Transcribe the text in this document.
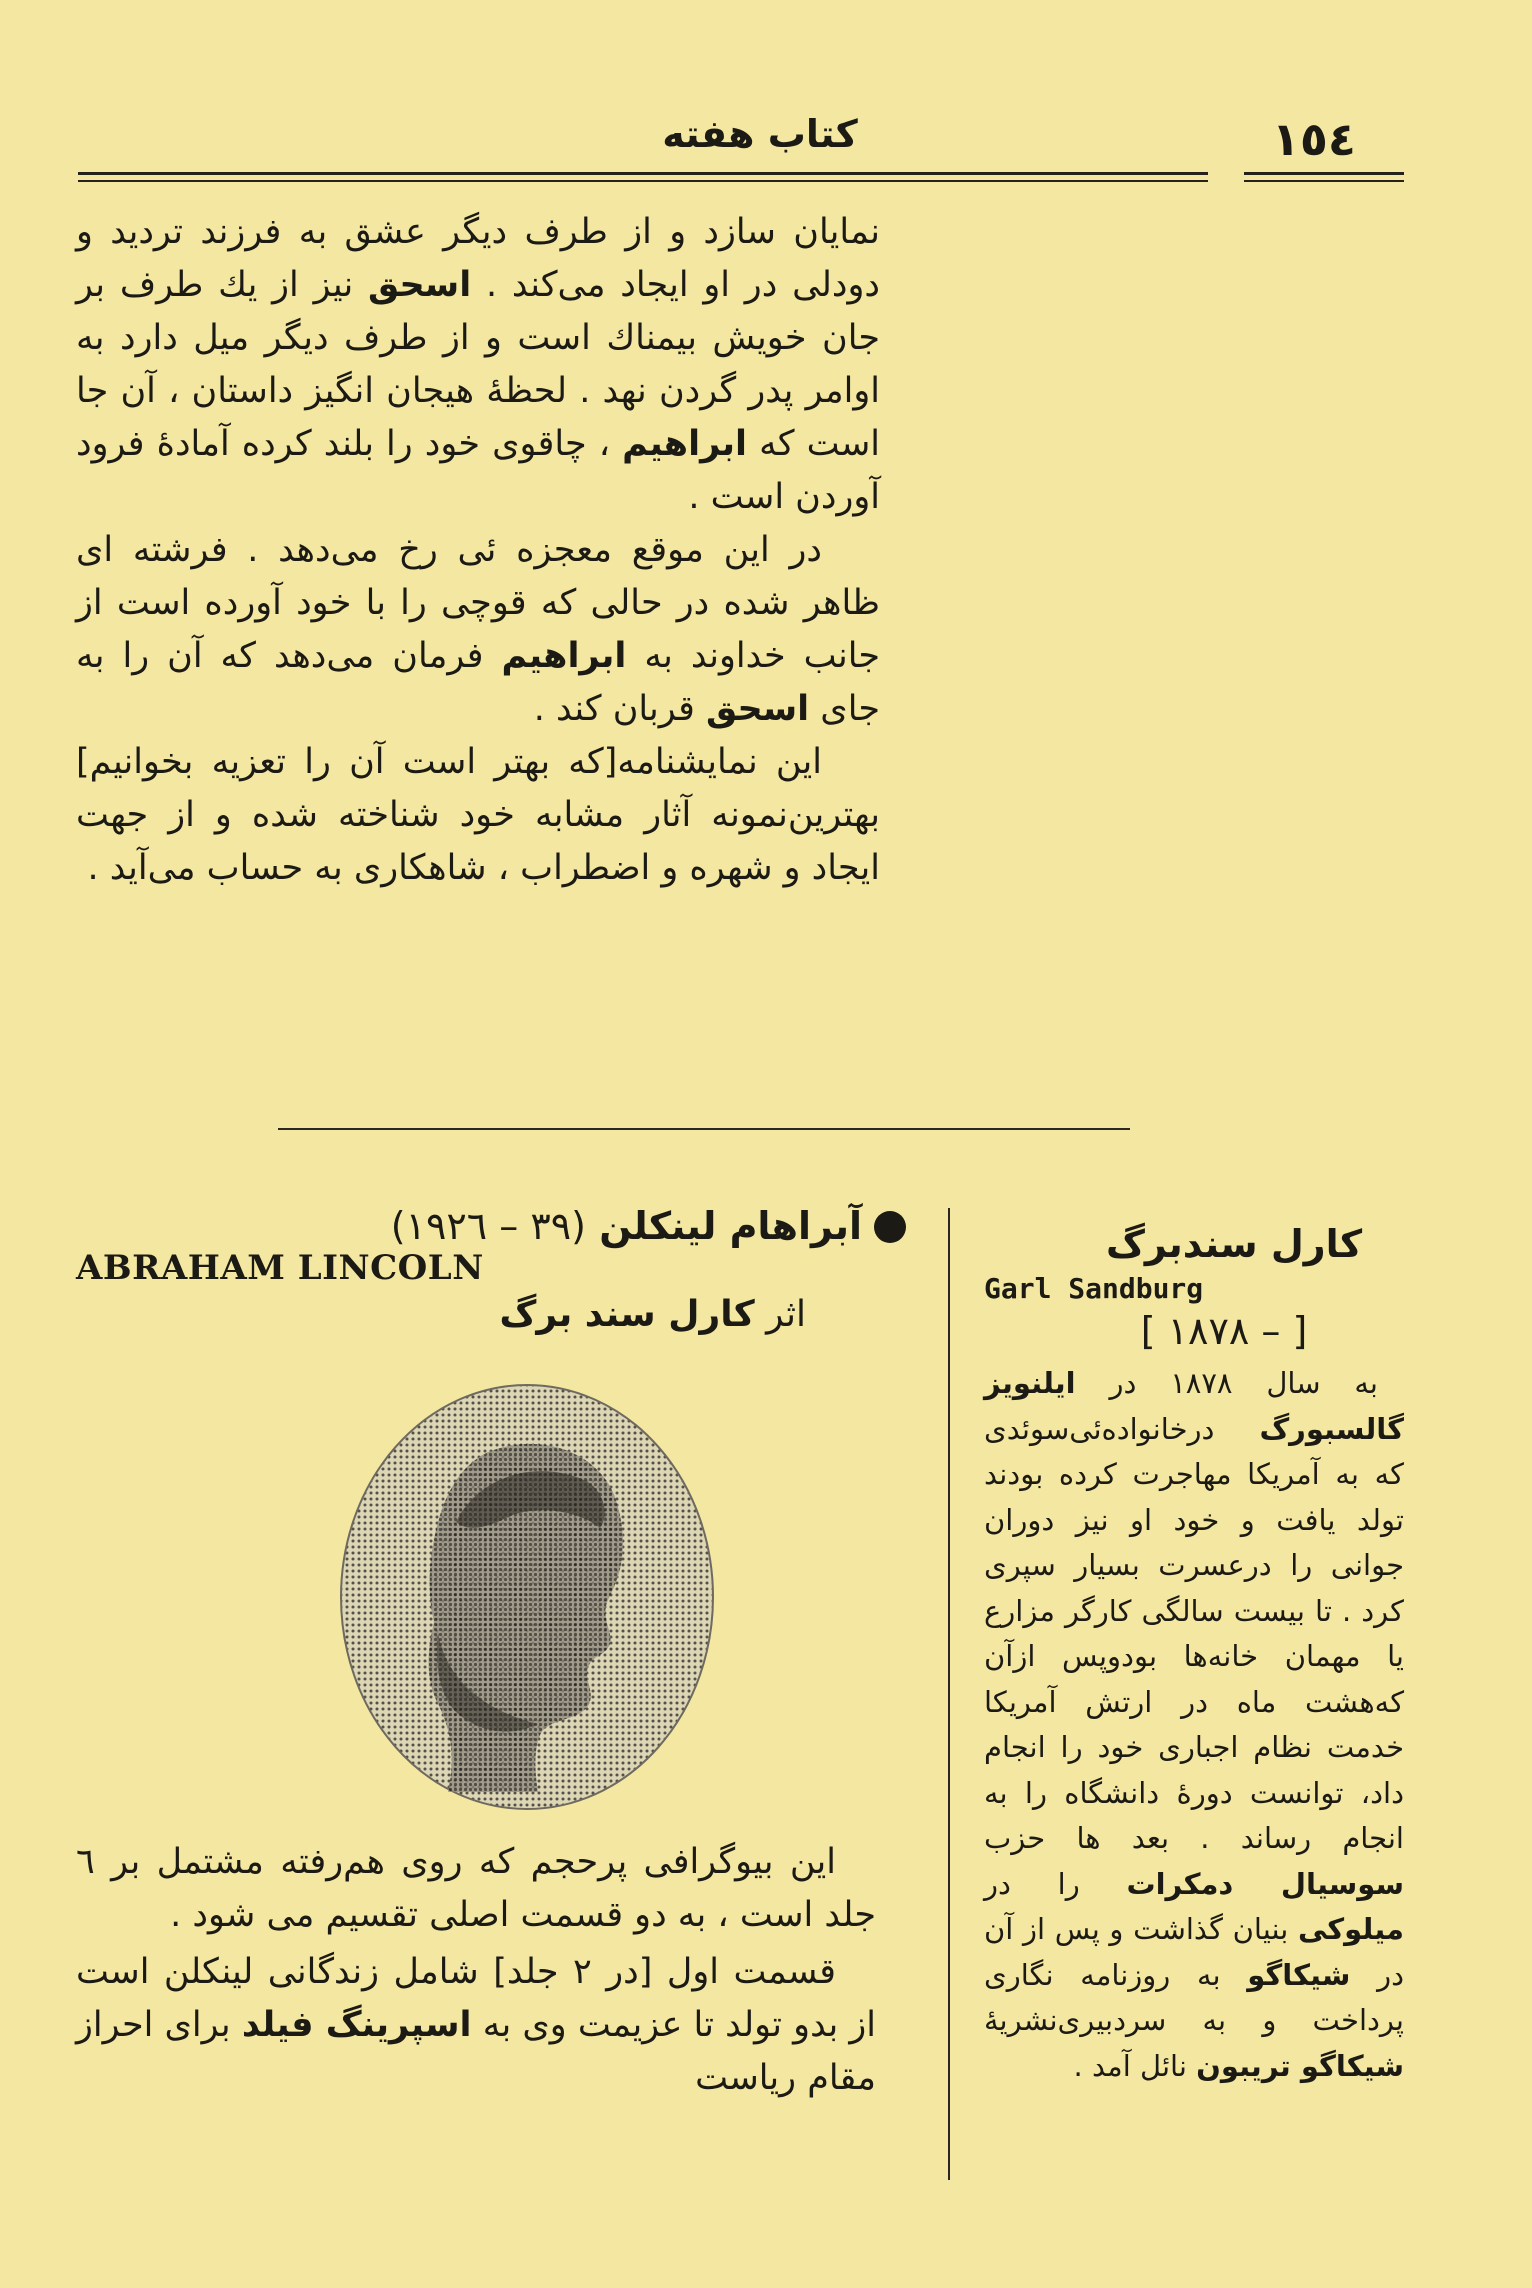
١٥٤
کتاب هفته

نمایان سازد و از طرف دیگر عشق به فرزند تردید و دودلی در او ایجاد می‌کند . اسحق نیز از یك طرف بر جان خویش بیمناك است و از طرف دیگر میل دارد به اوامر پدر گردن نهد . لحظهٔ هیجان انگیز داستان ، آن جا است که ابراهیم ، چاقوی خود را بلند کرده آمادهٔ فرود آوردن است .

در این موقع معجزه ئی رخ می‌دهد . فرشته ای ظاهر شده در حالی که قوچی را با خود آورده است از جانب خداوند به ابراهیم فرمان می‌دهد که آن را به جای اسحق قربان کند .

این نمایشنامه[که بهتر است آن را تعزیه بخوانیم] بهترین‌نمونه آثار مشابه خود شناخته شده و از جهت ایجاد و شهره و اضطراب ، شاهکاری به حساب می‌آید .

آبراهام لینکلن (٣٩ – ١٩٢٦)
ABRAHAM LINCOLN
اثر کارل سند برگ

این بیوگرافی پرحجم که روی هم‌رفته مشتمل بر ٦ جلد است ، به دو قسمت اصلی تقسیم می شود .

قسمت اول [در ٢ جلد] شامل زندگانی لینکلن است از بدو تولد تا عزیمت وی به اسپرینگ فیلد برای احراز مقام ریاست

کارل سندبرگ
Garl Sandburg
[ ١٨٧٨ – ]

به سال ١٨٧٨ در ایلنویز گالسبورگ درخانواده‌ئی‌سوئدی که به آمریکا مهاجرت کرده بودند تولد یافت و خود او نیز دوران جوانی را درعسرت بسیار سپری کرد . تا بیست سالگی کارگر مزارع یا مهمان خانه‌ها بودوپس ازآن که‌هشت ماه در ارتش آمریکا خدمت نظام اجباری خود را انجام داد، توانست دورهٔ دانشگاه را به انجام رساند . بعد ها حزب سوسیال دمکرات را در میلوکی بنیان گذاشت و پس از آن در شیکاگو به روزنامه نگاری پرداخت و به سردبیری‌نشریهٔ شیکاگو تریبون نائل آمد .
